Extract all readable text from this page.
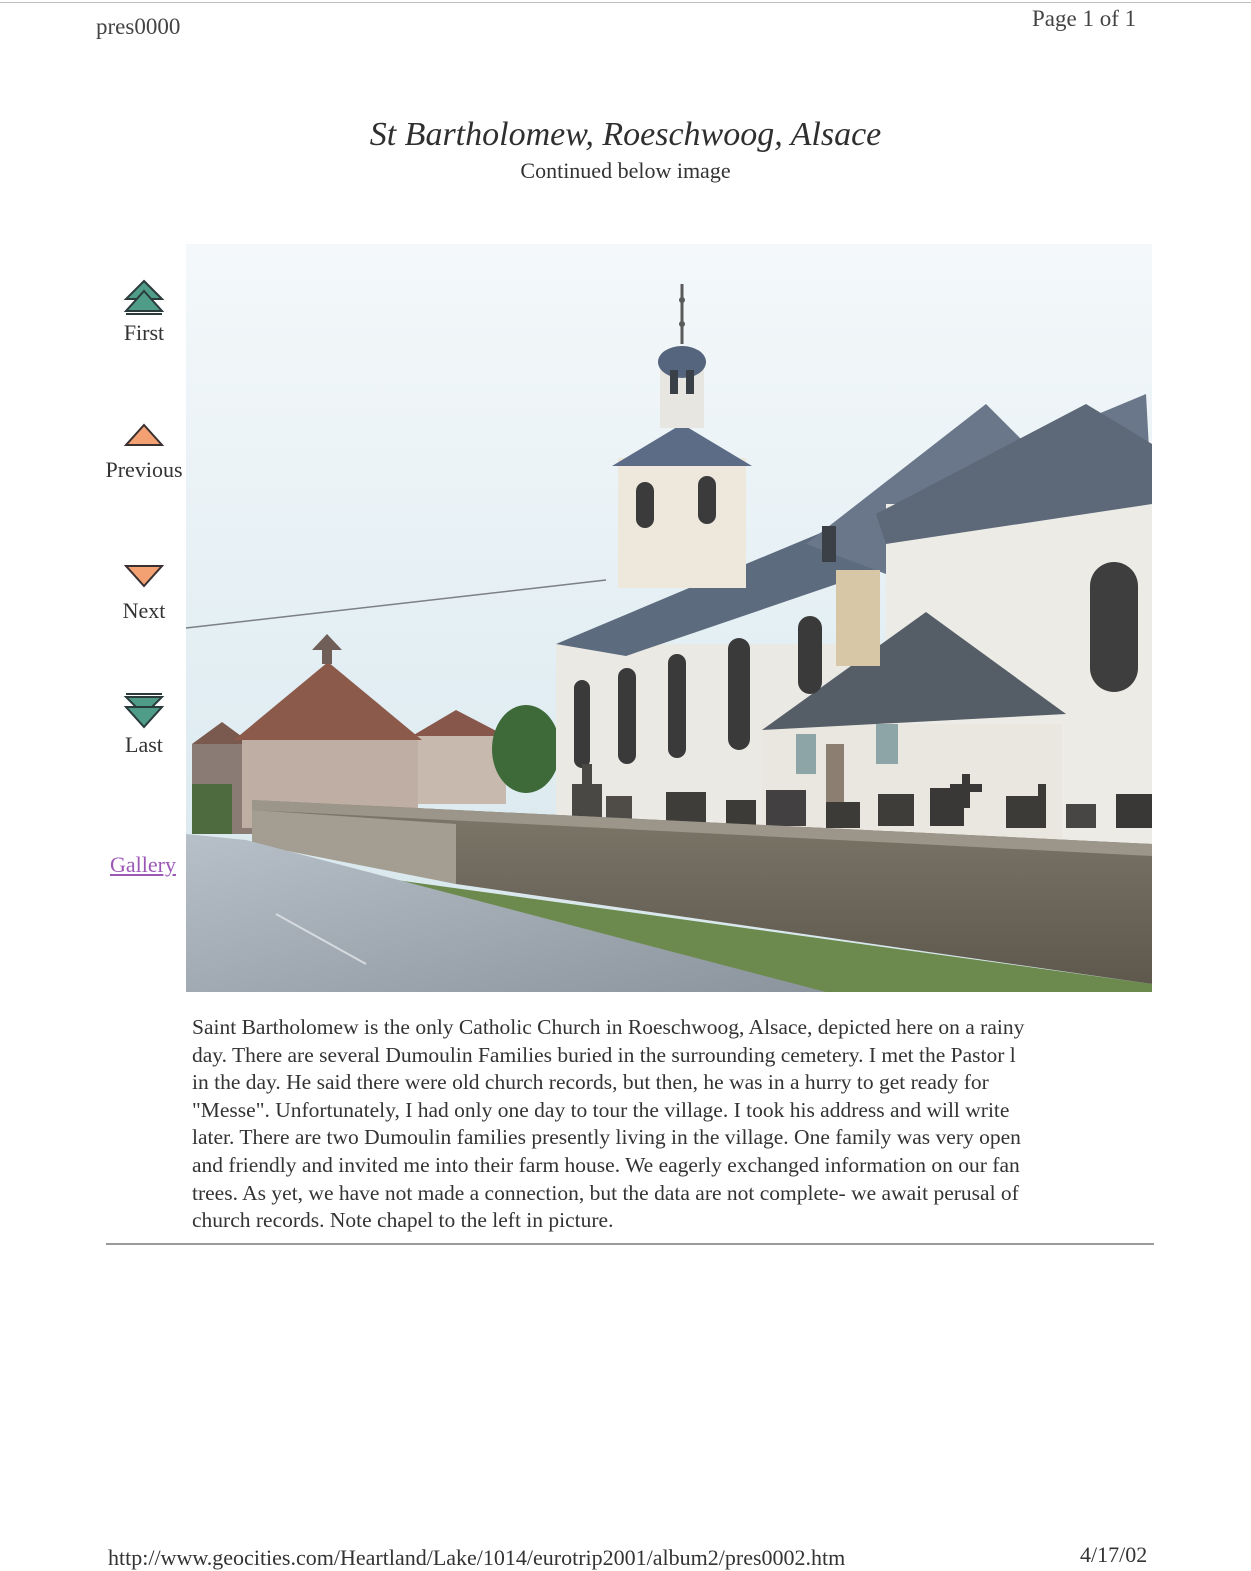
pres0000	Page 1 of 1
St Bartholomew, Roeschwoog, Alsace
Continued below image
First
Previous
Next
Last
Gallery
Saint Bartholomew is the only Catholic Church in Roeschwoog, Alsace, depicted here on a rainy
day. There are several Dumoulin Families buried in the surrounding cemetery. I met the Pastor l
in the day. He said there were old church records, but then, he was in a hurry to get ready for
"Messe". Unfortunately, I had only one day to tour the village. I took his address and will write
later. There are two Dumoulin families presently living in the village. One family was very open
and friendly and invited me into their farm house. We eagerly exchanged information on our fan
trees. As yet, we have not made a connection, but the data are not complete- we await perusal of
church records. Note chapel to the left in picture.
http://www.geocities.com/Heartland/Lake/1014/eurotrip2001/album2/pres0002.htm	4/17/02
